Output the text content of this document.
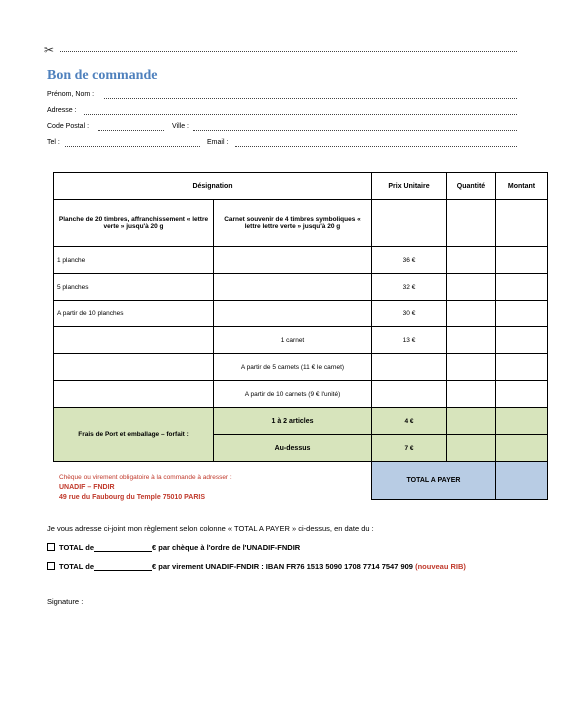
✂
Bon de commande
Prénom, Nom :
Adresse :
Code Postal :	Ville :
Tel :	Email :
Désignation		Prix Unitaire	Quantité	Montant
Planche de 20 timbres, affranchissement « lettre verte » jusqu'à 20 g	Carnet souvenir de 4 timbres symboliques « lettre lettre verte » jusqu'à 20 g			
1 planche		36 €		
5 planches		32 €		
A partir de 10 planches		30 €		
	1 carnet	13 €		
	A partir de 5 carnets (11 € le carnet)			
	A partir de 10 carnets (9 € l'unité)			
Frais de Port et emballage – forfait :	1 à 2 articles	4 €		
	Au-dessus	7 €		
		TOTAL A PAYER		
Chèque ou virement obligatoire à la commande à adresser :
UNADIF – FNDIR
49 rue du Faubourg du Temple 75010 PARIS
Je vous adresse ci-joint mon règlement selon colonne « TOTAL A PAYER » ci-dessus, en date du :
TOTAL de	€ par chèque à l'ordre de l'UNADIF-FNDIR
TOTAL de	€ par virement UNADIF-FNDIR : IBAN FR76 1513 5090 1708 7714 7547 909 (nouveau RIB)
Signature :
